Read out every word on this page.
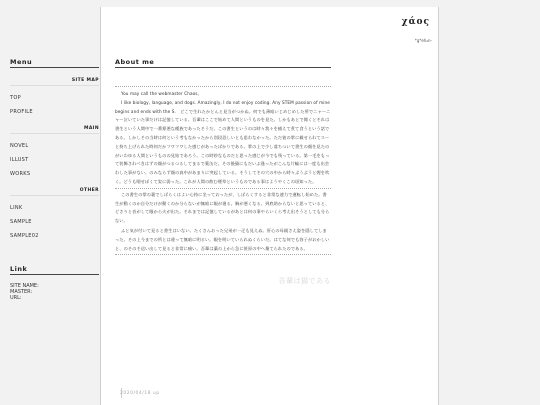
χάος
*g*eh₂n-
Menu
SITE MAP
TOP
PROFILE
MAIN
NOVEL
ILLUST
WORKS
OTHER
LINK
SAMPLE
SAMPLE02
Link
SITE NAME:
MASTER:
URL:
About me

You may call the webmaster Chaos。

I like biology, language, and dogs. Amazingly, I do not enjoy coding. Any STEM passion of mine begins and ends with the S.　どこで生れたかとんと見当がつかぬ。何でも薄暗いじめじめした所でニャーニャー泣いていた事だけは記憶している。吾輩はここで始めて人間というものを見た。しかもあとで聞くとそれは書生という人間中で一番獰悪な種族であったそうだ。この書生というのは時々我々を捕えて煮て食うという話である。しかしその当時は何という考もなかったから別段恐しいとも思わなかった。ただ彼の掌に載せられてスーと持ち上げられた時何だかフワフワした感じがあったばかりである。掌の上で少し落ちついて書生の顔を見たのがいわゆる人間というものの見始であろう。この時妙なものだと思った感じが今でも残っている。第一毛をもって装飾されべきはずの顔がつるつるしてまるで薬缶だ。その後猫にもだいぶ逢ったがこんな片輪には一度も出会わした事がない。のみならず顔の真中があまりに突起している。そうしてその穴の中から時々ぷうぷうと煙を吹く。どうも咽せぽくて実に弱った。これが人間の飲む煙草というものである事はようやくこの頃知った。

この書生の掌の裏でしばらくはよい心持に坐っておったが、しばらくすると非常な速力で運転し始めた。書生が動くのか自分だけが動くのか分らないが無暗に眼が廻る。胸が悪くなる。到底助からないと思っていると、どさりと音がして眼から火が出た。それまでは記憶しているがあとは何の事やらいくら考え出そうとしても分らない。

ふと気が付いて見ると書生はいない。たくさんおった兄弟が一疋も見えぬ。肝心の母親さえ姿を隠してしまった。その上今までの所とは違って無暗に明るい。眼を明いていられぬくらいだ。はてな何でも容子がおかしいと、のそのそ這い出して見ると非常に痛い。吾輩は藁の上から急に笹原の中へ棄てられたのである。

吾輩は猫である
2020/04/18 up
